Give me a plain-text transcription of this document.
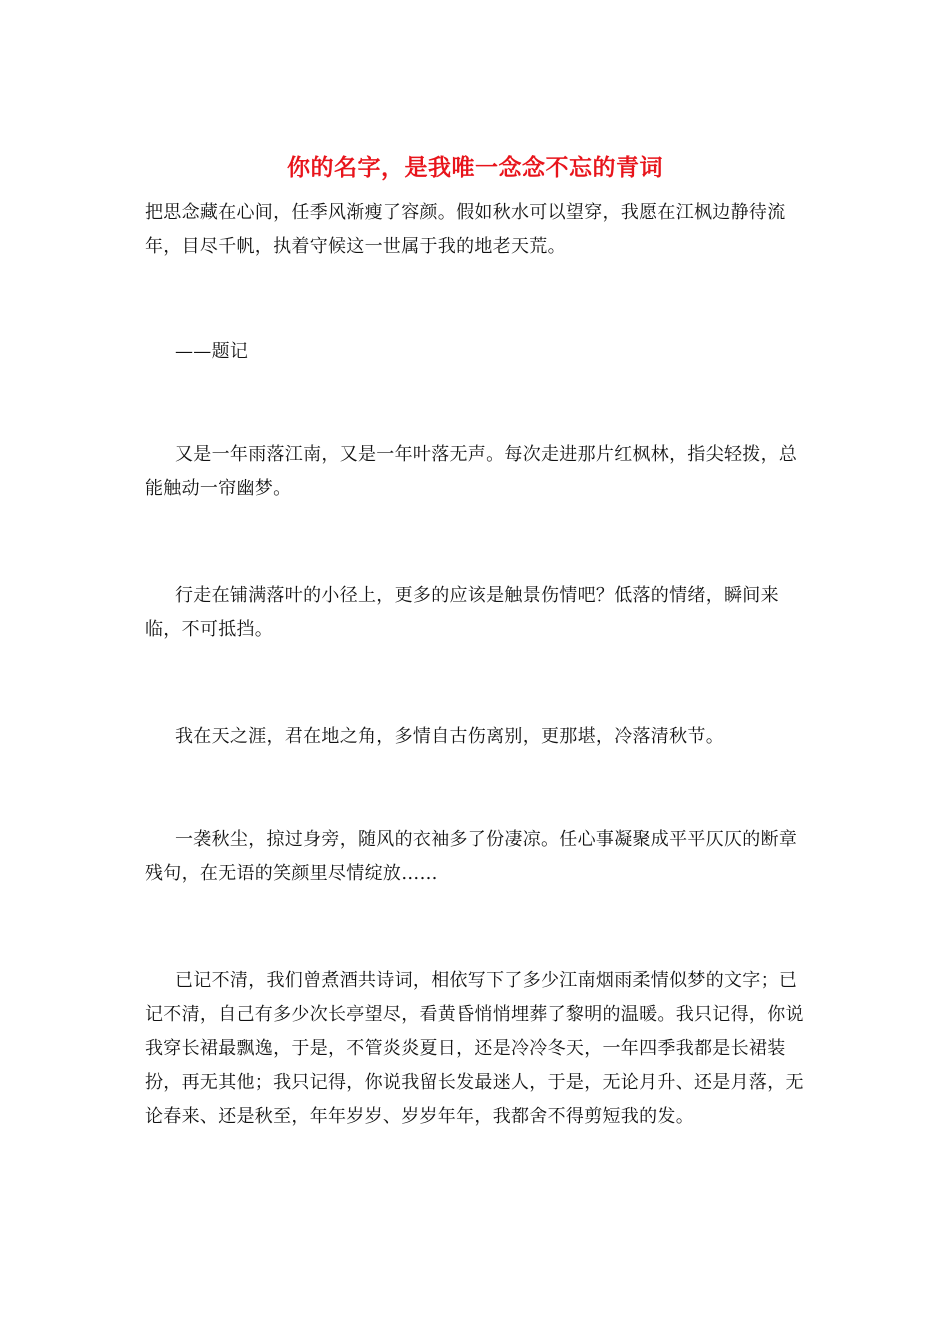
你的名字，是我唯一念念不忘的青词

把思念藏在心间，任季风渐瘦了容颜。假如秋水可以望穿，我愿在江枫边静待流年，目尽千帆，执着守候这一世属于我的地老天荒。

——题记

又是一年雨落江南，又是一年叶落无声。每次走进那片红枫林，指尖轻拨，总能触动一帘幽梦。

行走在铺满落叶的小径上，更多的应该是触景伤情吧？低落的情绪，瞬间来临，不可抵挡。

我在天之涯，君在地之角，多情自古伤离别，更那堪，冷落清秋节。

一袭秋尘，掠过身旁，随风的衣袖多了份凄凉。任心事凝聚成平平仄仄的断章残句，在无语的笑颜里尽情绽放……

已记不清，我们曾煮酒共诗词，相依写下了多少江南烟雨柔情似梦的文字；已记不清，自己有多少次长亭望尽，看黄昏悄悄埋葬了黎明的温暖。我只记得，你说我穿长裙最飘逸，于是，不管炎炎夏日，还是冷冷冬天，一年四季我都是长裙装扮，再无其他；我只记得，你说我留长发最迷人，于是，无论月升、还是月落，无论春来、还是秋至，年年岁岁、岁岁年年，我都舍不得剪短我的发。
